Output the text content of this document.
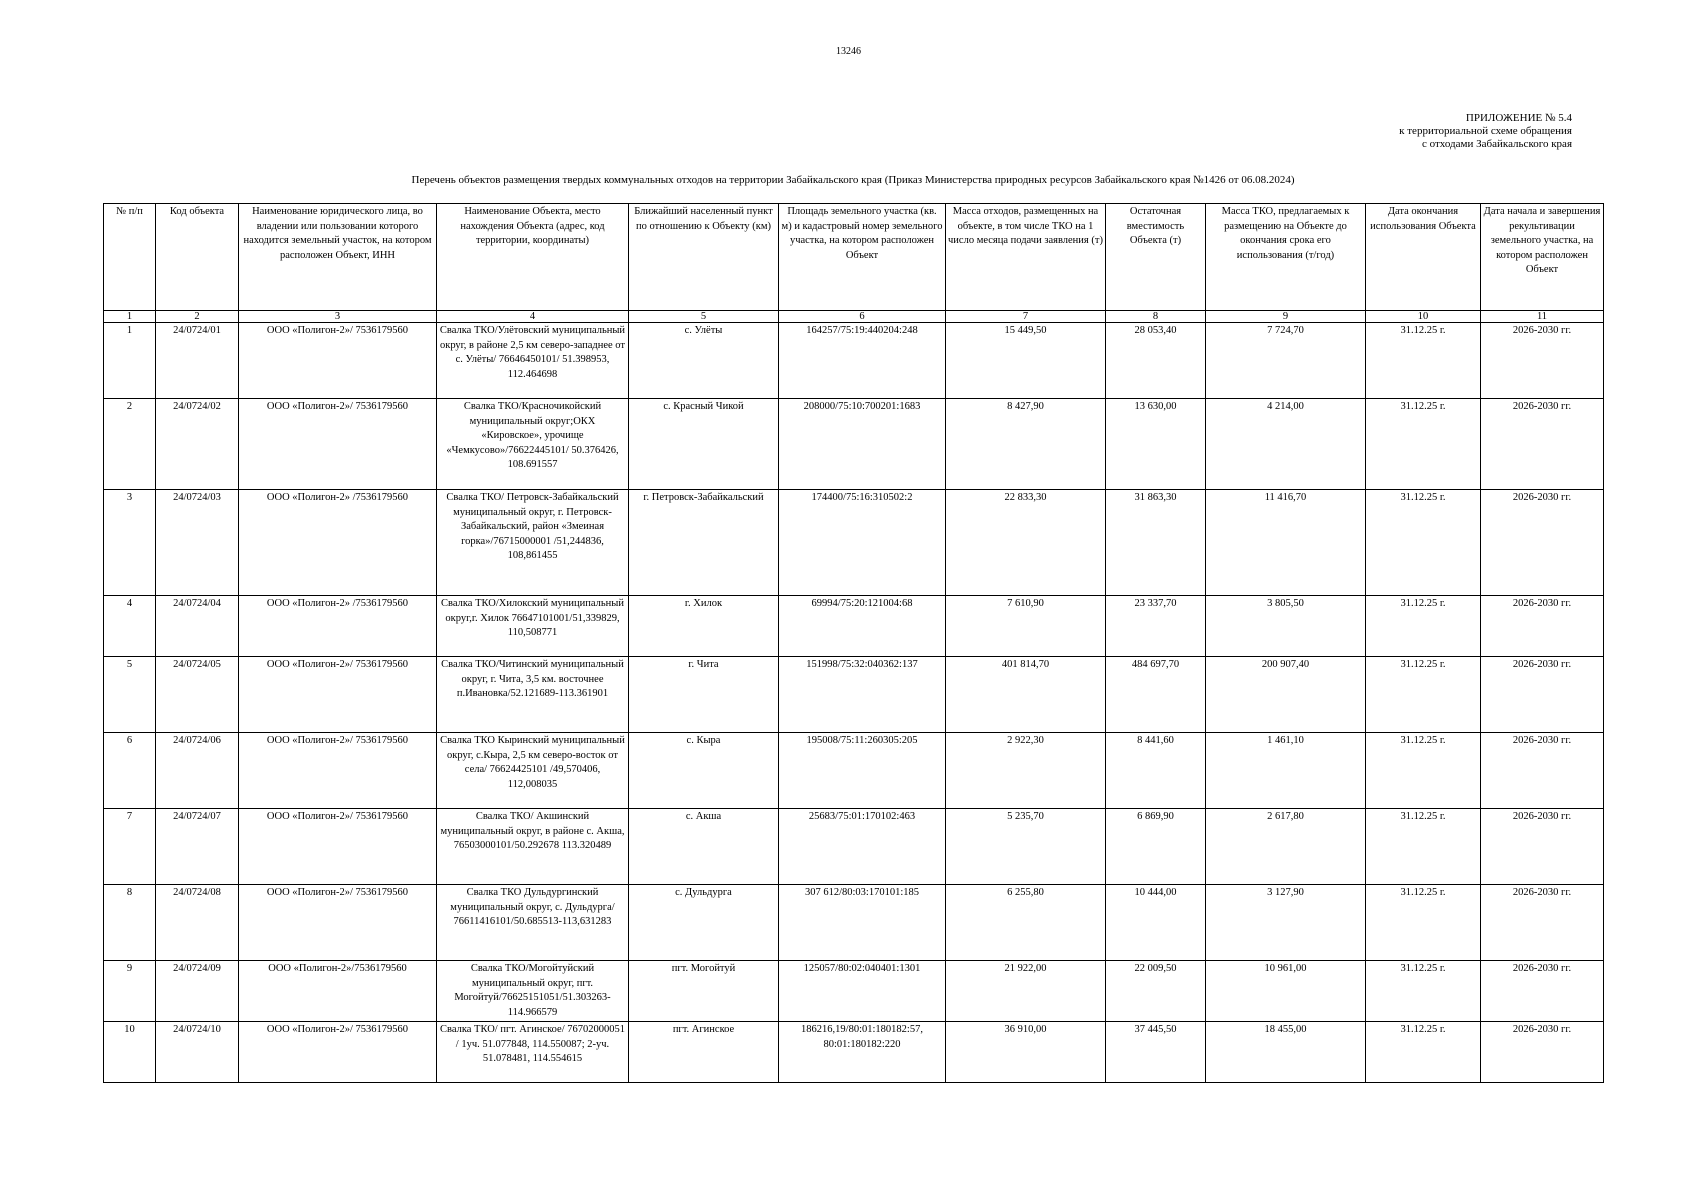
13246
ПРИЛОЖЕНИЕ № 5.4
к территориальной схеме обращения
с отходами Забайкальского края
Перечень объектов размещения твердых коммунальных отходов на территории Забайкальского края (Приказ Министерства природных ресурсов Забайкальского края №1426 от 06.08.2024)
№ п/п	Код объекта	Наименование юридического лица, во владении или пользовании которого находится земельный участок, на котором расположен Объект, ИНН	Наименование Объекта, место нахождения Объекта (адрес, код территории, координаты)	Ближайший населенный пункт по отношению к Объекту (км)	Площадь земельного участка (кв. м) и кадастровый номер земельного участка, на котором расположен Объект	Масса отходов, размещенных на объекте, в том числе ТКО на 1 число месяца подачи заявления (т)	Остаточная вместимость Объекта (т)	Масса ТКО, предлагаемых к размещению на Объекте до окончания срока его использования (т/год)	Дата окончания использования Объекта	Дата начала и завершения рекультивации земельного участка, на котором расположен Объект
1	2	3	4	5	6	7	8	9	10	11
1	24/0724/01	ООО «Полигон-2»/ 7536179560	Свалка ТКО/Улётовский муниципальный округ, в районе 2,5 км северо-западнее от с. Улёты/ 76646450101/ 51.398953, 112.464698	с. Улёты	164257/75:19:440204:248	15 449,50	28 053,40	7 724,70	31.12.25 г.	2026-2030 гг.
2	24/0724/02	ООО «Полигон-2»/ 7536179560	Свалка ТКО/Красночикойский муниципальный округ;ОКХ «Кировское», урочище «Чемкусово»/76622445101/ 50.376426, 108.691557	с. Красный Чикой	208000/75:10:700201:1683	8 427,90	13 630,00	4 214,00	31.12.25 г.	2026-2030 гг.
3	24/0724/03	ООО «Полигон-2» /7536179560	Свалка ТКО/ Петровск-Забайкальский муниципальный округ, г. Петровск-Забайкальский, район «Змеиная горка»/76715000001 /51,244836, 108,861455	г. Петровск-Забайкальский	174400/75:16:310502:2	22 833,30	31 863,30	11 416,70	31.12.25 г.	2026-2030 гг.
4	24/0724/04	ООО «Полигон-2» /7536179560	Свалка ТКО/Хилокский муниципальный округ,г. Хилок 76647101001/51,339829, 110,508771	г. Хилок	69994/75:20:121004:68	7 610,90	23 337,70	3 805,50	31.12.25 г.	2026-2030 гг.
5	24/0724/05	ООО «Полигон-2»/ 7536179560	Свалка ТКО/Читинский муниципальный округ, г. Чита, 3,5 км. восточнее п.Ивановка/52.121689-113.361901	г. Чита	151998/75:32:040362:137	401 814,70	484 697,70	200 907,40	31.12.25 г.	2026-2030 гг.
6	24/0724/06	ООО «Полигон-2»/ 7536179560	Свалка ТКО Кыринский муниципальный округ, с.Кыра, 2,5 км северо-восток от села/ 76624425101 /49,570406, 112,008035	с. Кыра	195008/75:11:260305:205	2 922,30	8 441,60	1 461,10	31.12.25 г.	2026-2030 гг.
7	24/0724/07	ООО «Полигон-2»/ 7536179560	Свалка ТКО/ Акшинский муниципальный округ, в районе с. Акша, 76503000101/50.292678 113.320489	с. Акша	25683/75:01:170102:463	5 235,70	6 869,90	2 617,80	31.12.25 г.	2026-2030 гг.
8	24/0724/08	ООО «Полигон-2»/ 7536179560	Свалка ТКО Дульдургинский муниципальный округ, с. Дульдурга/ 76611416101/50.685513-113,631283	с. Дульдурга	307 612/80:03:170101:185	6 255,80	10 444,00	3 127,90	31.12.25 г.	2026-2030 гг.
9	24/0724/09	ООО «Полигон-2»/7536179560	Свалка ТКО/Могойтуйский муниципальный округ, пгт. Могойтуй/76625151051/51.303263-114.966579	пгт. Могойтуй	125057/80:02:040401:1301	21 922,00	22 009,50	10 961,00	31.12.25 г.	2026-2030 гг.
10	24/0724/10	ООО «Полигон-2»/ 7536179560	Свалка ТКО/ пгт. Агинское/ 76702000051 / 1уч. 51.077848, 114.550087; 2-уч. 51.078481, 114.554615	пгт. Агинское	186216,19/80:01:180182:57, 80:01:180182:220	36 910,00	37 445,50	18 455,00	31.12.25 г.	2026-2030 гг.
